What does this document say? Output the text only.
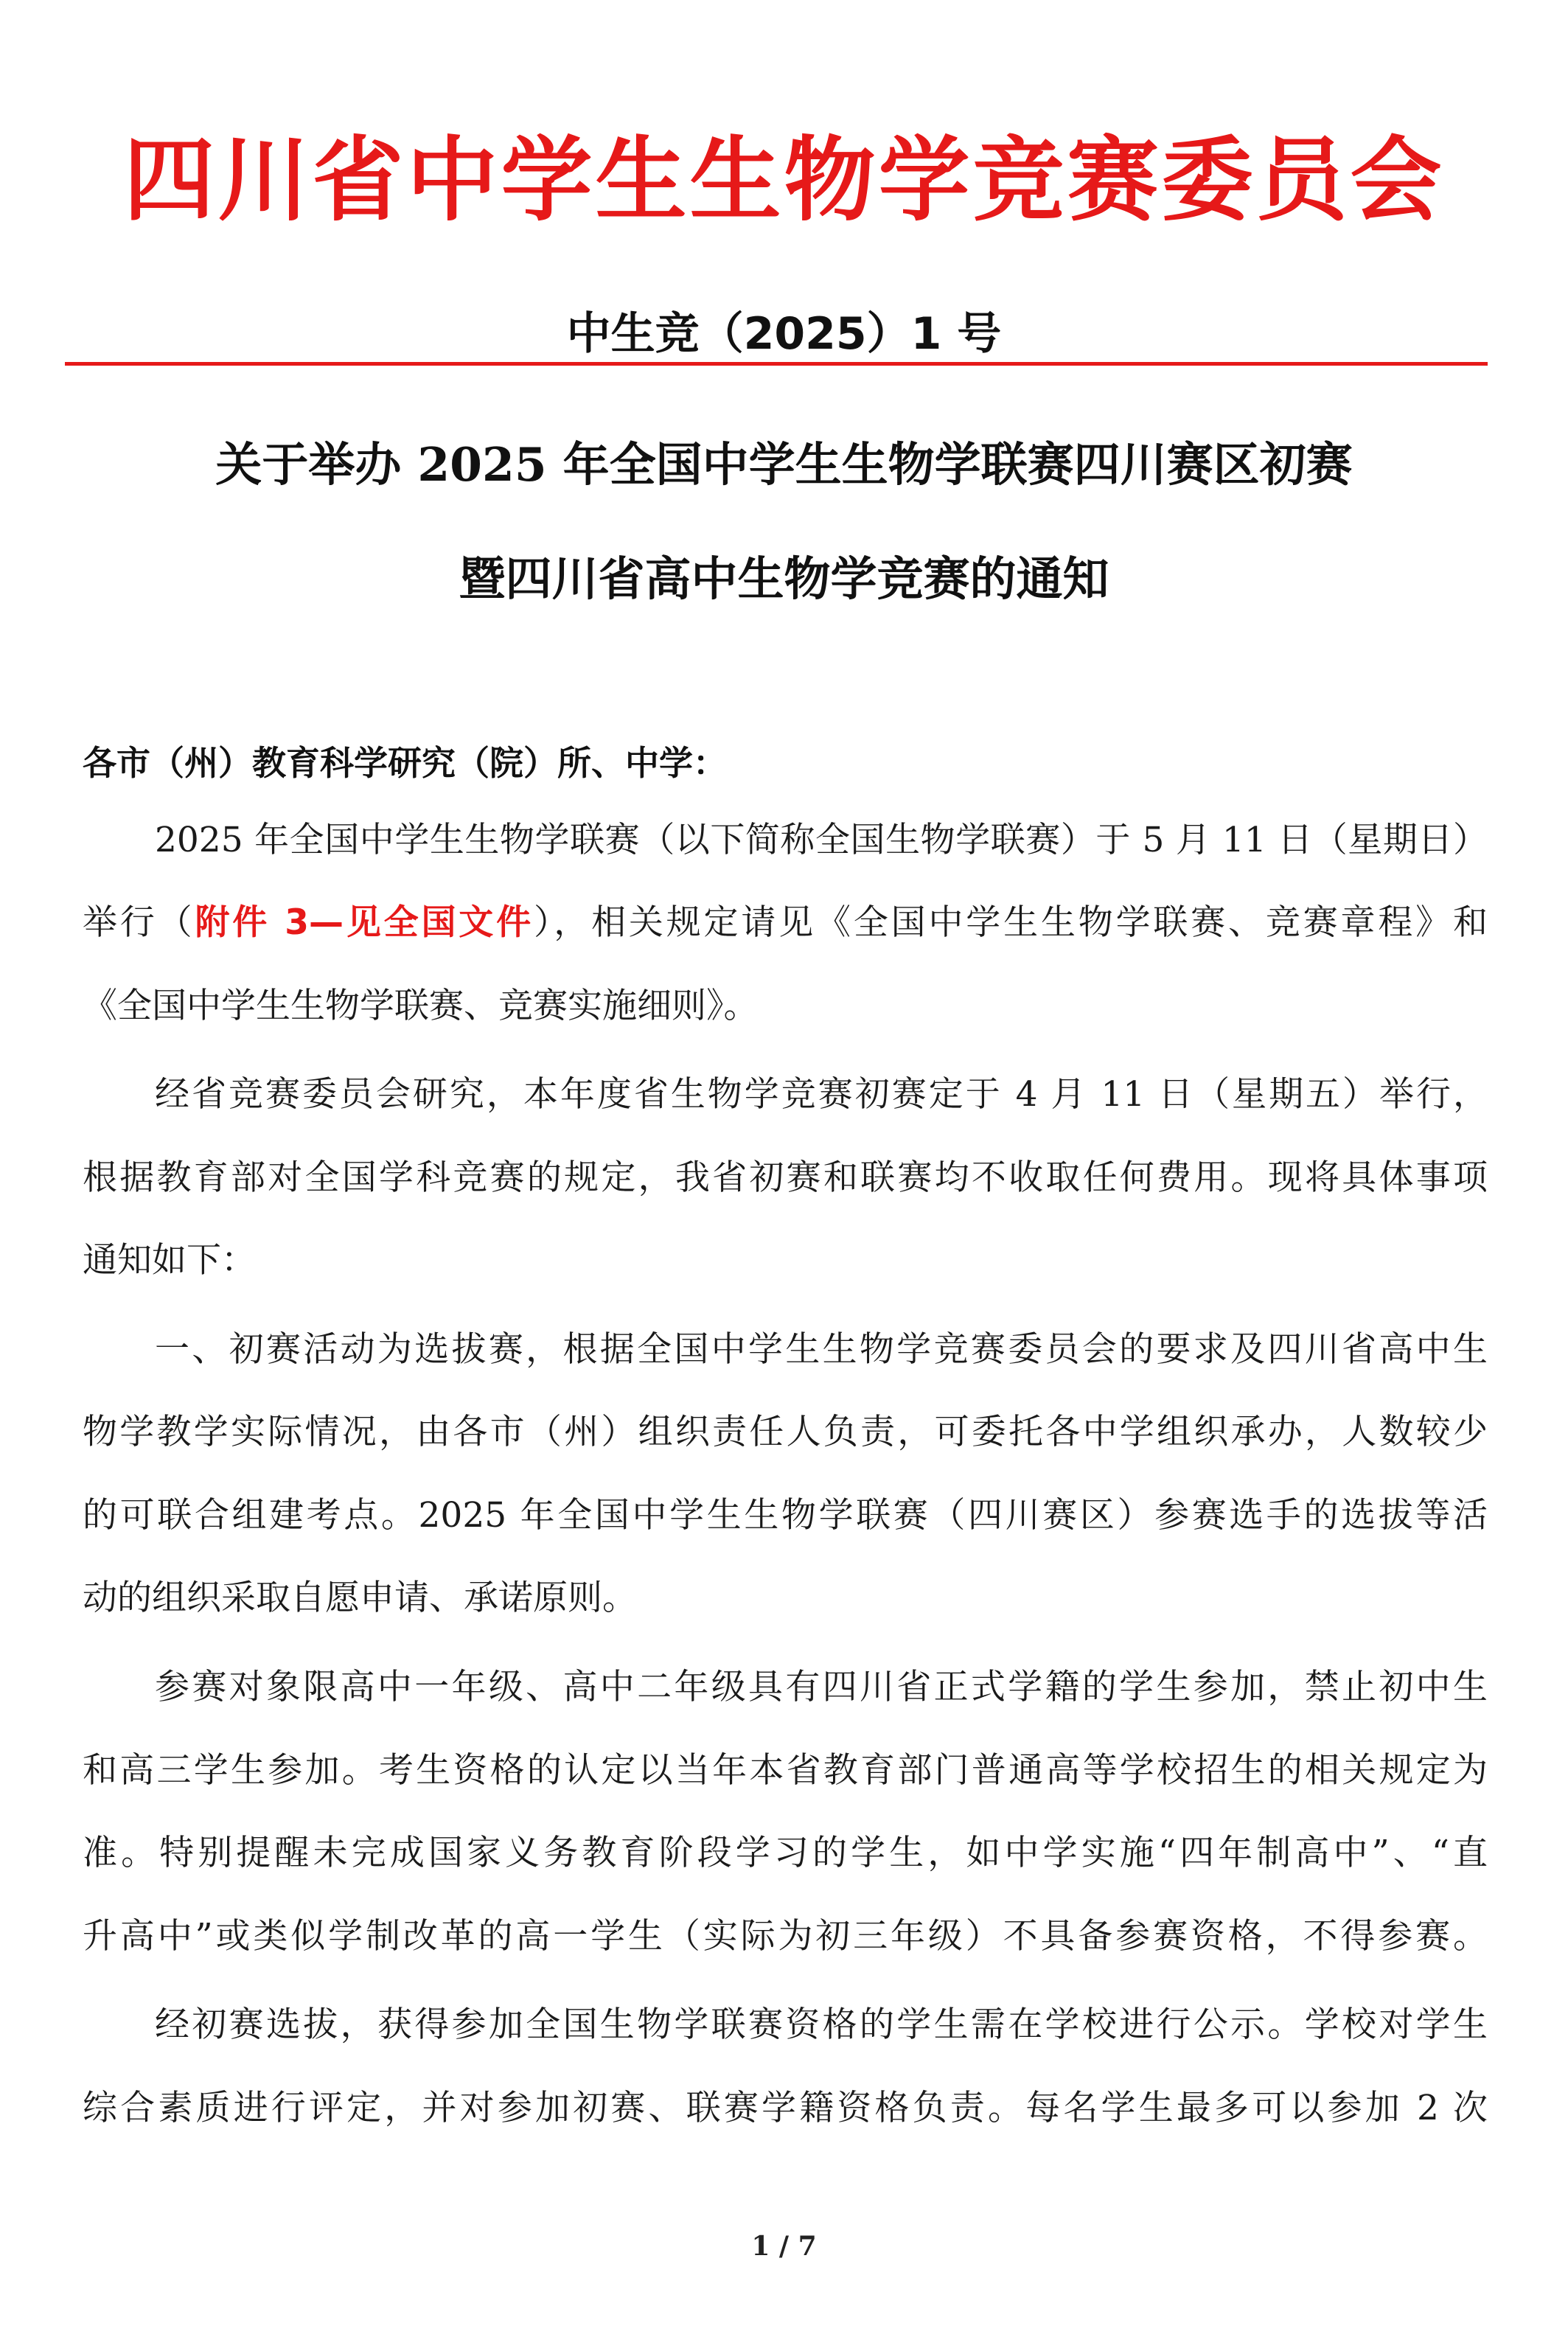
四川省中学生生物学竞赛委员会
中生竞（2025）1 号
关于举办 2025 年全国中学生生物学联赛四川赛区初赛
暨四川省高中生物学竞赛的通知
各市（州）教育科学研究（院）所、中学：
2025 年全国中学生生物学联赛（以下简称全国生物学联赛）于 5 月 11 日（星期日）
举行（附件 3—见全国文件），相关规定请见《全国中学生生物学联赛、竞赛章程》和
《全国中学生生物学联赛、竞赛实施细则》。
经省竞赛委员会研究，本年度省生物学竞赛初赛定于 4 月 11 日（星期五）举行，
根据教育部对全国学科竞赛的规定，我省初赛和联赛均不收取任何费用。现将具体事项
通知如下：
一、初赛活动为选拔赛，根据全国中学生生物学竞赛委员会的要求及四川省高中生
物学教学实际情况，由各市（州）组织责任人负责，可委托各中学组织承办，人数较少
的可联合组建考点。2025 年全国中学生生物学联赛（四川赛区）参赛选手的选拔等活
动的组织采取自愿申请、承诺原则。
参赛对象限高中一年级、高中二年级具有四川省正式学籍的学生参加，禁止初中生
和高三学生参加。考生资格的认定以当年本省教育部门普通高等学校招生的相关规定为
准。特别提醒未完成国家义务教育阶段学习的学生，如中学实施“四年制高中”、“直
升高中”或类似学制改革的高一学生（实际为初三年级）不具备参赛资格，不得参赛。
经初赛选拔，获得参加全国生物学联赛资格的学生需在学校进行公示。学校对学生
综合素质进行评定，并对参加初赛、联赛学籍资格负责。每名学生最多可以参加 2 次
1 / 7
